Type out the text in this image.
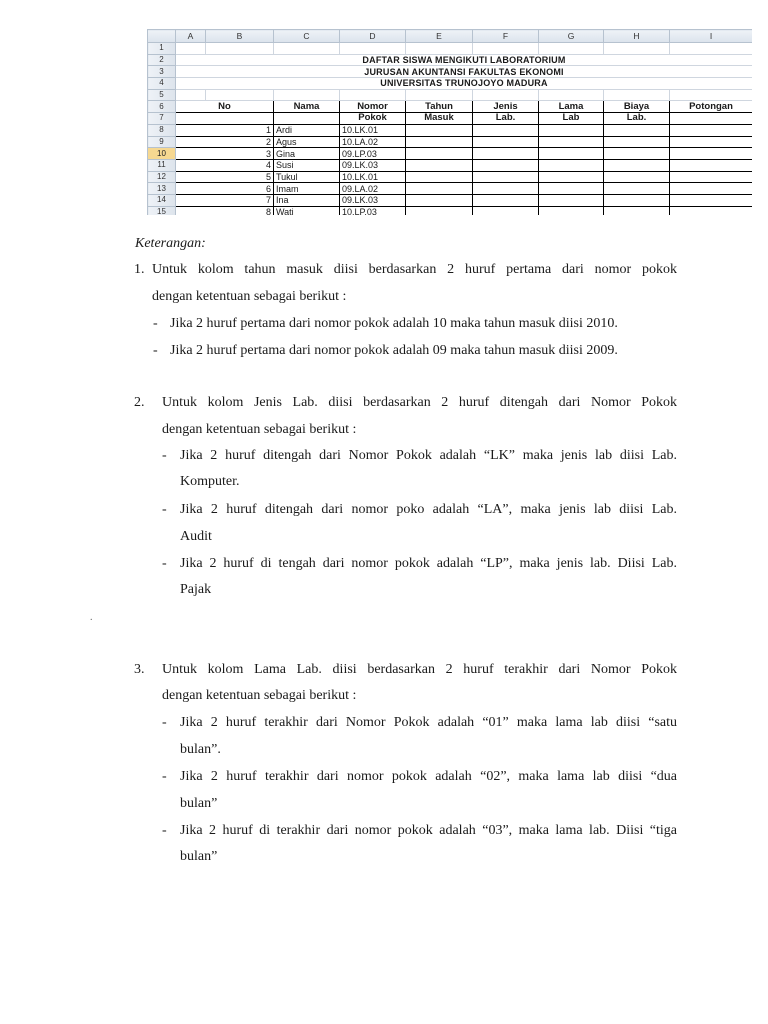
	A	B	C	D	E	F	G	H	I	
1										
2	DAFTAR SISWA MENGIKUTI LABORATORIUM									
3	JURUSAN AKUNTANSI FAKULTAS EKONOMI									
4	UNIVERSITAS TRUNOJOYO MADURA									
5										
6	No		Nama	Nomor	Tahun	Jenis	Lama	Biaya	Potongan	
7				Pokok	Masuk	Lab.	Lab	Lab.		
8	1		Ardi	10.LK.01						
9	2		Agus	10.LA.02						
10	3		Gina	09.LP.03						
11	4		Susi	09.LK.03						
12	5		Tukul	10.LK.01						
13	6		Imam	09.LA.02						
14	7		Ina	09.LK.03						
15	8		Wati	10.LP.03						

Keterangan:
1. Untuk kolom tahun masuk diisi berdasarkan 2 huruf pertama dari nomor pokok
dengan ketentuan sebagai berikut :
- Jika 2 huruf pertama dari nomor pokok adalah 10 maka tahun masuk diisi 2010.
- Jika 2 huruf pertama dari nomor pokok adalah 09 maka tahun masuk diisi 2009.
2. Untuk kolom Jenis Lab. diisi berdasarkan 2 huruf ditengah dari Nomor Pokok
dengan ketentuan sebagai berikut :
- Jika 2 huruf ditengah dari Nomor Pokok adalah “LK” maka jenis lab diisi Lab.
Komputer.
- Jika 2 huruf ditengah dari nomor poko adalah “LA”, maka jenis lab diisi Lab.
Audit
- Jika 2 huruf di tengah dari nomor pokok adalah “LP”, maka jenis lab. Diisi Lab.
Pajak
.
3. Untuk kolom Lama Lab. diisi berdasarkan 2 huruf terakhir dari Nomor Pokok
dengan ketentuan sebagai berikut :
- Jika 2 huruf terakhir dari Nomor Pokok adalah “01” maka lama lab diisi “satu
bulan”.
- Jika 2 huruf terakhir dari nomor pokok adalah “02”, maka lama lab diisi “dua
bulan”
- Jika 2 huruf di terakhir dari nomor pokok adalah “03”, maka lama lab. Diisi “tiga
bulan”
